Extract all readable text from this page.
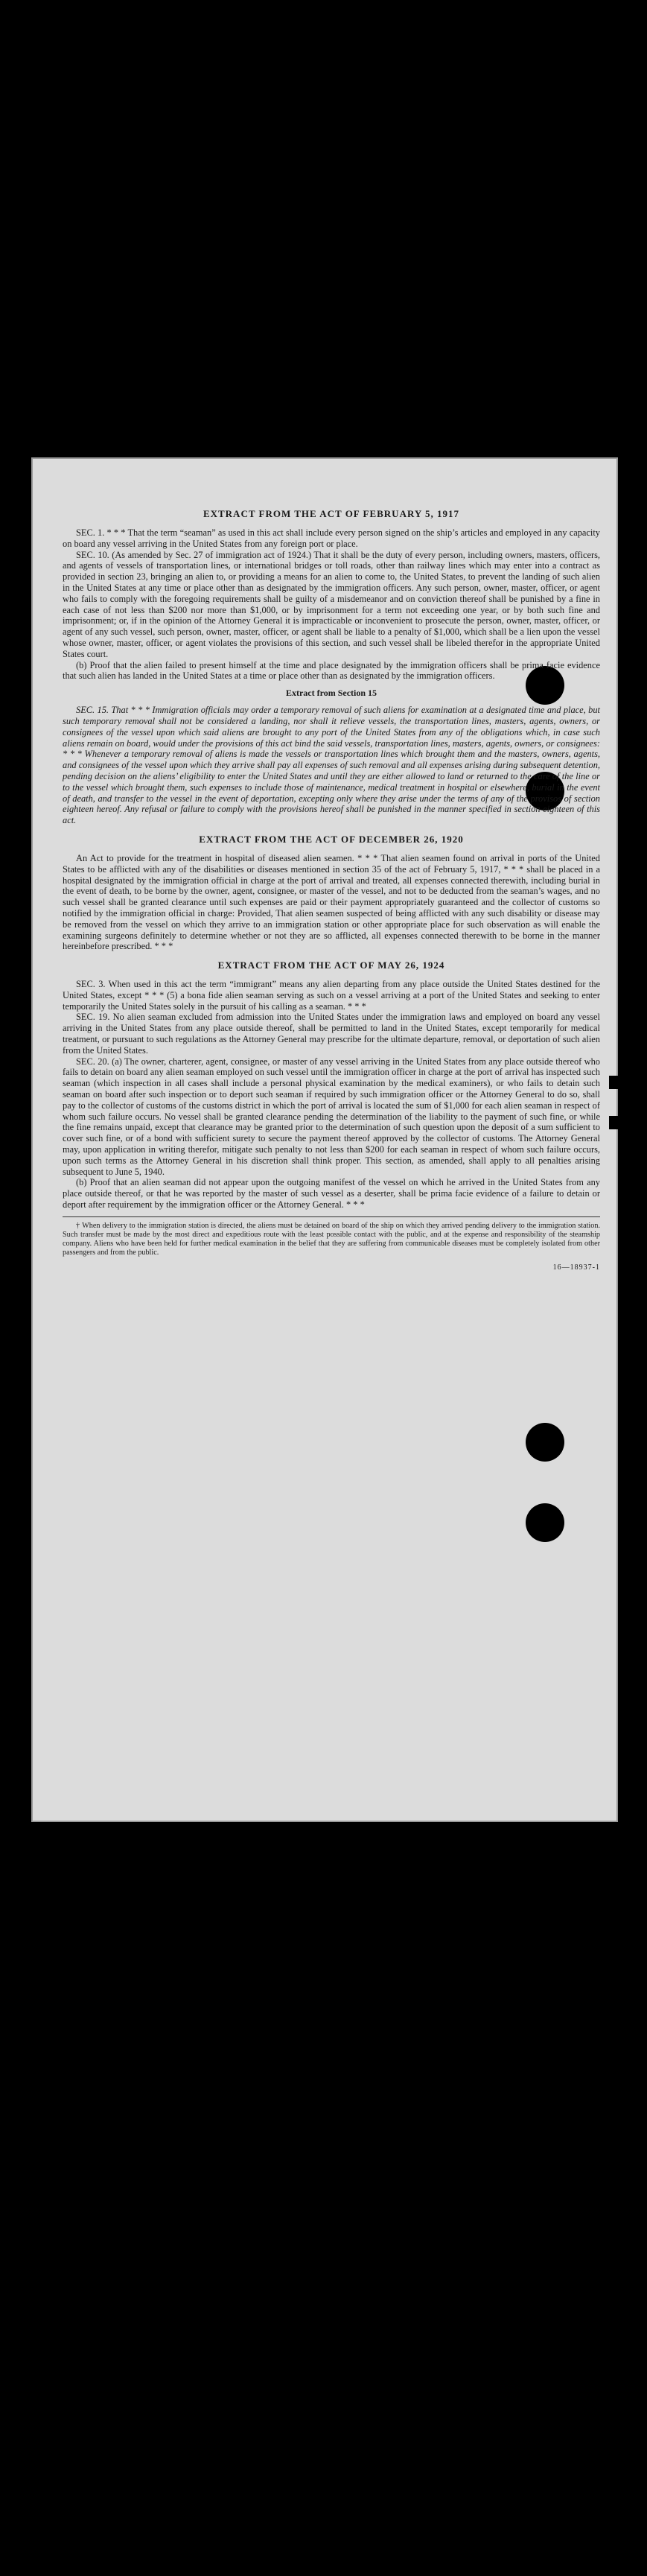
EXTRACT FROM THE ACT OF FEBRUARY 5, 1917

SEC. 1. * * * That the term “seaman” as used in this act shall include every person signed on the ship’s articles and employed in any capacity on board any vessel arriving in the United States from any foreign port or place.

SEC. 10. (As amended by Sec. 27 of immigration act of 1924.) That it shall be the duty of every person, including owners, masters, officers, and agents of vessels of transportation lines, or international bridges or toll roads, other than railway lines which may enter into a contract as provided in section 23, bringing an alien to, or providing a means for an alien to come to, the United States, to prevent the landing of such alien in the United States at any time or place other than as designated by the immigration officers. Any such person, owner, master, officer, or agent who fails to comply with the foregoing requirements shall be guilty of a misdemeanor and on conviction thereof shall be punished by a fine in each case of not less than $200 nor more than $1,000, or by imprisonment for a term not exceeding one year, or by both such fine and imprisonment; or, if in the opinion of the Attorney General it is impracticable or inconvenient to prosecute the person, owner, master, officer, or agent of any such vessel, such person, owner, master, officer, or agent shall be liable to a penalty of $1,000, which shall be a lien upon the vessel whose owner, master, officer, or agent violates the provisions of this section, and such vessel shall be libeled therefor in the appropriate United States court.

(b) Proof that the alien failed to present himself at the time and place designated by the immigration officers shall be prima facie evidence that such alien has landed in the United States at a time or place other than as designated by the immigration officers.

Extract from Section 15

SEC. 15. That * * * Immigration officials may order a temporary removal of such aliens for examination at a designated time and place, but such temporary removal shall not be considered a landing, nor shall it relieve vessels, the transportation lines, masters, agents, owners, or consignees of the vessel upon which said aliens are brought to any port of the United States from any of the obligations which, in case such aliens remain on board, would under the provisions of this act bind the said vessels, transportation lines, masters, agents, owners, or consignees: * * * Whenever a temporary removal of aliens is made the vessels or transportation lines which brought them and the masters, owners, agents, and consignees of the vessel upon which they arrive shall pay all expenses of such removal and all expenses arising during subsequent detention, pending decision on the aliens’ eligibility to enter the United States and until they are either allowed to land or returned to the care of the line or to the vessel which brought them, such expenses to include those of maintenance, medical treatment in hospital or elsewhere, burial in the event of death, and transfer to the vessel in the event of deportation, excepting only where they arise under the terms of any of the provisos of section eighteen hereof. Any refusal or failure to comply with the provisions hereof shall be punished in the manner specified in section eighteen of this act.

EXTRACT FROM THE ACT OF DECEMBER 26, 1920

An Act to provide for the treatment in hospital of diseased alien seamen. * * * That alien seamen found on arrival in ports of the United States to be afflicted with any of the disabilities or diseases mentioned in section 35 of the act of February 5, 1917, * * * shall be placed in a hospital designated by the immigration official in charge at the port of arrival and treated, all expenses connected therewith, including burial in the event of death, to be borne by the owner, agent, consignee, or master of the vessel, and not to be deducted from the seaman’s wages, and no such vessel shall be granted clearance until such expenses are paid or their payment appropriately guaranteed and the collector of customs so notified by the immigration official in charge: Provided, That alien seamen suspected of being afflicted with any such disability or disease may be removed from the vessel on which they arrive to an immigration station or other appropriate place for such observation as will enable the examining surgeons definitely to determine whether or not they are so afflicted, all expenses connected therewith to be borne in the manner hereinbefore prescribed. * * *

EXTRACT FROM THE ACT OF MAY 26, 1924

SEC. 3. When used in this act the term “immigrant” means any alien departing from any place outside the United States destined for the United States, except * * * (5) a bona fide alien seaman serving as such on a vessel arriving at a port of the United States and seeking to enter temporarily the United States solely in the pursuit of his calling as a seaman. * * *

SEC. 19. No alien seaman excluded from admission into the United States under the immigration laws and employed on board any vessel arriving in the United States from any place outside thereof, shall be permitted to land in the United States, except temporarily for medical treatment, or pursuant to such regulations as the Attorney General may prescribe for the ultimate departure, removal, or deportation of such alien from the United States.

SEC. 20. (a) The owner, charterer, agent, consignee, or master of any vessel arriving in the United States from any place outside thereof who fails to detain on board any alien seaman employed on such vessel until the immigration officer in charge at the port of arrival has inspected such seaman (which inspection in all cases shall include a personal physical examination by the medical examiners), or who fails to detain such seaman on board after such inspection or to deport such seaman if required by such immigration officer or the Attorney General to do so, shall pay to the collector of customs of the customs district in which the port of arrival is located the sum of $1,000 for each alien seaman in respect of whom such failure occurs. No vessel shall be granted clearance pending the determination of the liability to the payment of such fine, or while the fine remains unpaid, except that clearance may be granted prior to the determination of such question upon the deposit of a sum sufficient to cover such fine, or of a bond with sufficient surety to secure the payment thereof approved by the collector of customs. The Attorney General may, upon application in writing therefor, mitigate such penalty to not less than $200 for each seaman in respect of whom such failure occurs, upon such terms as the Attorney General in his discretion shall think proper. This section, as amended, shall apply to all penalties arising subsequent to June 5, 1940.

(b) Proof that an alien seaman did not appear upon the outgoing manifest of the vessel on which he arrived in the United States from any place outside thereof, or that he was reported by the master of such vessel as a deserter, shall be prima facie evidence of a failure to detain or deport after requirement by the immigration officer or the Attorney General. * * *

† When delivery to the immigration station is directed, the aliens must be detained on board of the ship on which they arrived pending delivery to the immigration station. Such transfer must be made by the most direct and expeditious route with the least possible contact with the public, and at the expense and responsibility of the steamship company. Aliens who have been held for further medical examination in the belief that they are suffering from communicable diseases must be completely isolated from other passengers and from the public.

16—18937-1
